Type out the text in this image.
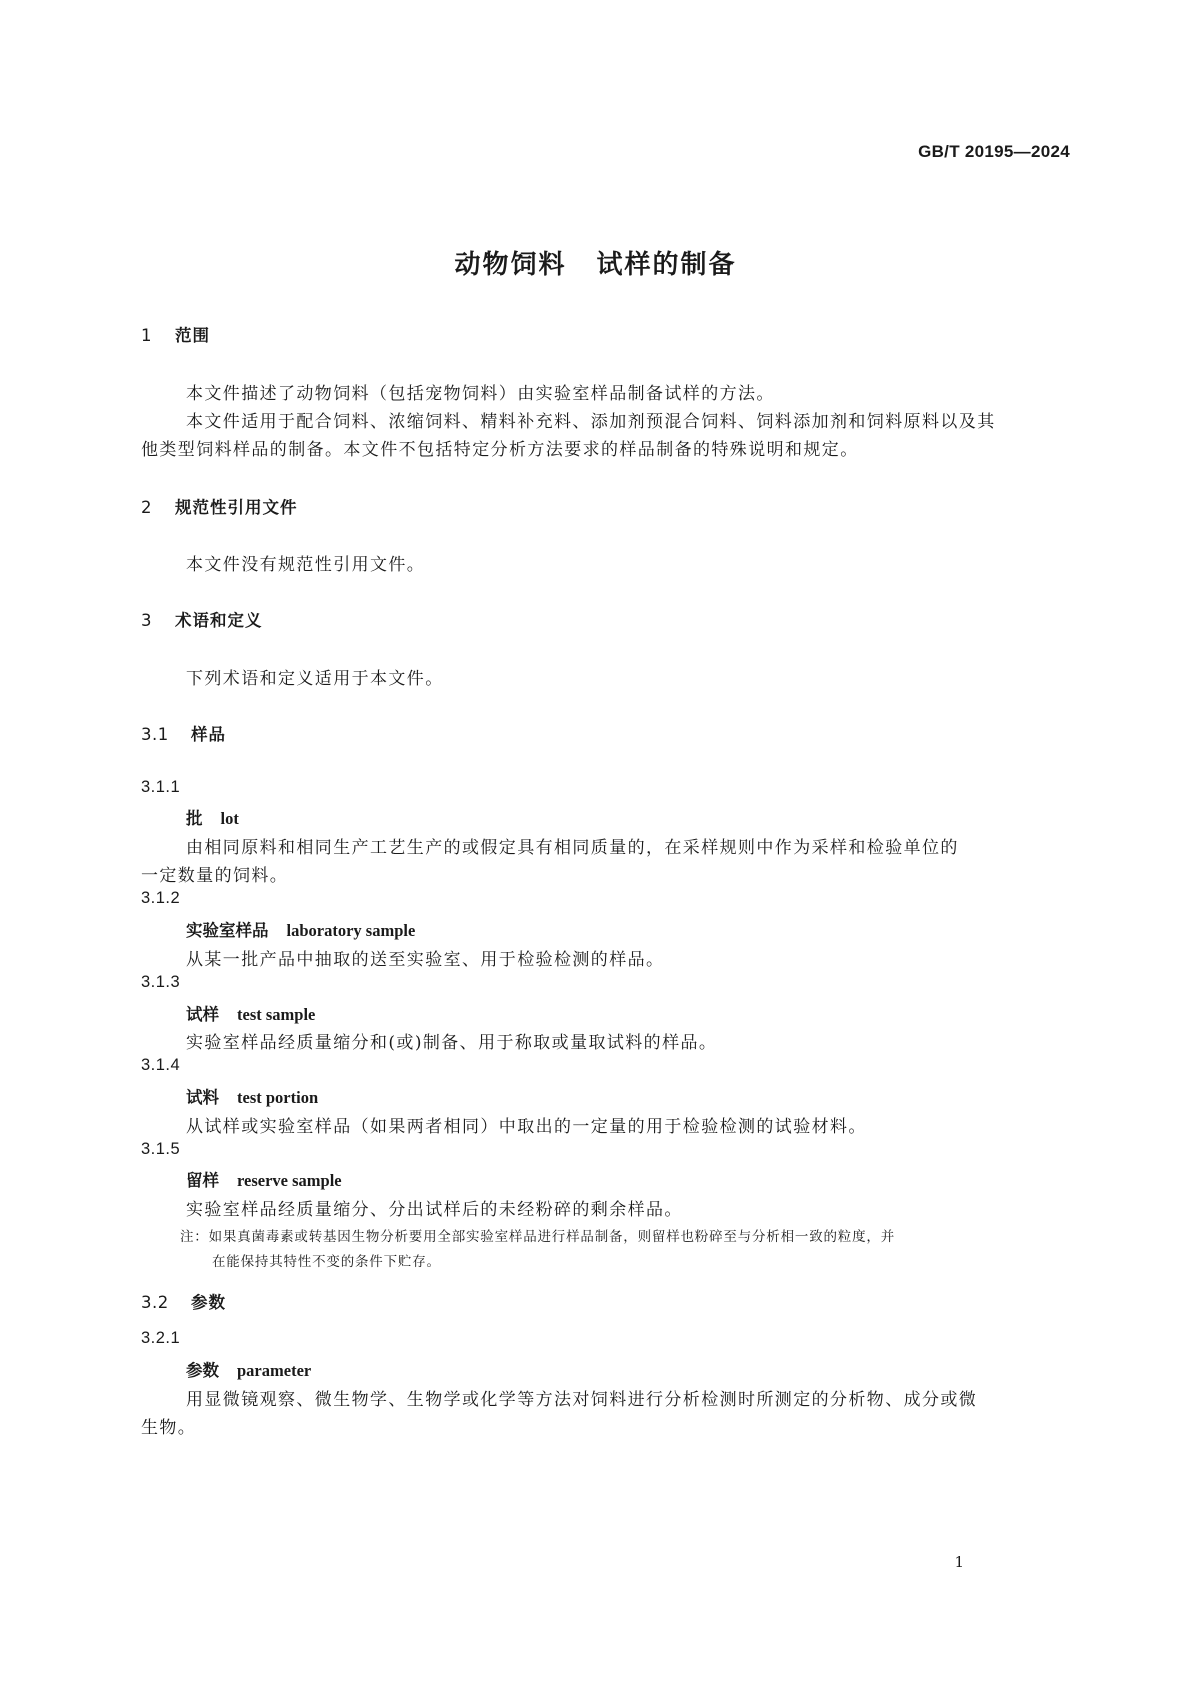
GB/T 20195—2024
动物饲料 试样的制备
1 范围
本文件描述了动物饲料（包括宠物饲料）由实验室样品制备试样的方法。
本文件适用于配合饲料、浓缩饲料、精料补充料、添加剂预混合饲料、饲料添加剂和饲料原料以及其
他类型饲料样品的制备。本文件不包括特定分析方法要求的样品制备的特殊说明和规定。
2 规范性引用文件
本文件没有规范性引用文件。
3 术语和定义
下列术语和定义适用于本文件。
3.1 样品
3.1.1
批 lot
由相同原料和相同生产工艺生产的或假定具有相同质量的，在采样规则中作为采样和检验单位的
一定数量的饲料。
3.1.2
实验室样品 laboratory sample
从某一批产品中抽取的送至实验室、用于检验检测的样品。
3.1.3
试样 test sample
实验室样品经质量缩分和(或)制备、用于称取或量取试料的样品。
3.1.4
试料 test portion
从试样或实验室样品（如果两者相同）中取出的一定量的用于检验检测的试验材料。
3.1.5
留样 reserve sample
实验室样品经质量缩分、分出试样后的未经粉碎的剩余样品。
注：如果真菌毒素或转基因生物分析要用全部实验室样品进行样品制备，则留样也粉碎至与分析相一致的粒度，并
在能保持其特性不变的条件下贮存。
3.2 参数
3.2.1
参数 parameter
用显微镜观察、微生物学、生物学或化学等方法对饲料进行分析检测时所测定的分析物、成分或微
生物。
1
